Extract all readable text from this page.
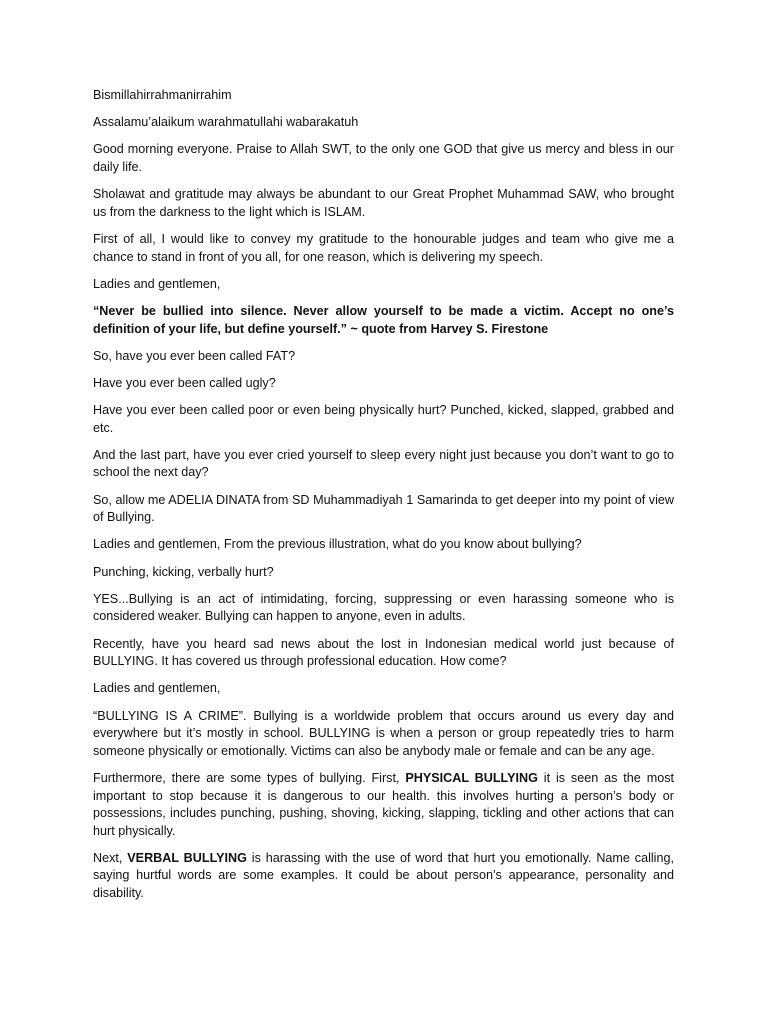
Bismillahirrahmanirrahim

Assalamu’alaikum warahmatullahi wabarakatuh

Good morning everyone. Praise to Allah SWT, to the only one GOD that give us mercy and bless in our daily life.

Sholawat and gratitude may always be abundant to our Great Prophet Muhammad SAW, who brought us from the darkness to the light which is ISLAM.

First of all, I would like to convey my gratitude to the honourable judges and team who give me a chance to stand in front of you all, for one reason, which is delivering my speech.

Ladies and gentlemen,

“Never be bullied into silence. Never allow yourself to be made a victim. Accept no one’s definition of your life, but define yourself.” ~ quote from Harvey S. Firestone

So, have you ever been called FAT?

Have you ever been called ugly?

Have you ever been called poor or even being physically hurt? Punched, kicked, slapped, grabbed and etc.

And the last part, have you ever cried yourself to sleep every night just because you don’t want to go to school the next day?

So, allow me ADELIA DINATA from SD Muhammadiyah 1 Samarinda to get deeper into my point of view of Bullying.

Ladies and gentlemen, From the previous illustration, what do you know about bullying?

Punching, kicking, verbally hurt?

YES...Bullying is an act of intimidating, forcing, suppressing or even harassing someone who is considered weaker. Bullying can happen to anyone, even in adults.

Recently, have you heard sad news about the lost in Indonesian medical world just because of BULLYING. It has covered us through professional education. How come?

Ladies and gentlemen,

“BULLYING IS A CRIME”. Bullying is a worldwide problem that occurs around us every day and everywhere but it’s mostly in school. BULLYING is when a person or group repeatedly tries to harm someone physically or emotionally. Victims can also be anybody male or female and can be any age.

Furthermore, there are some types of bullying. First, PHYSICAL BULLYING it is seen as the most important to stop because it is dangerous to our health. this involves hurting a person’s body or possessions, includes punching, pushing, shoving, kicking, slapping, tickling and other actions that can hurt physically.

Next, VERBAL BULLYING is harassing with the use of word that hurt you emotionally. Name calling, saying hurtful words are some examples. It could be about person’s appearance, personality and disability.
